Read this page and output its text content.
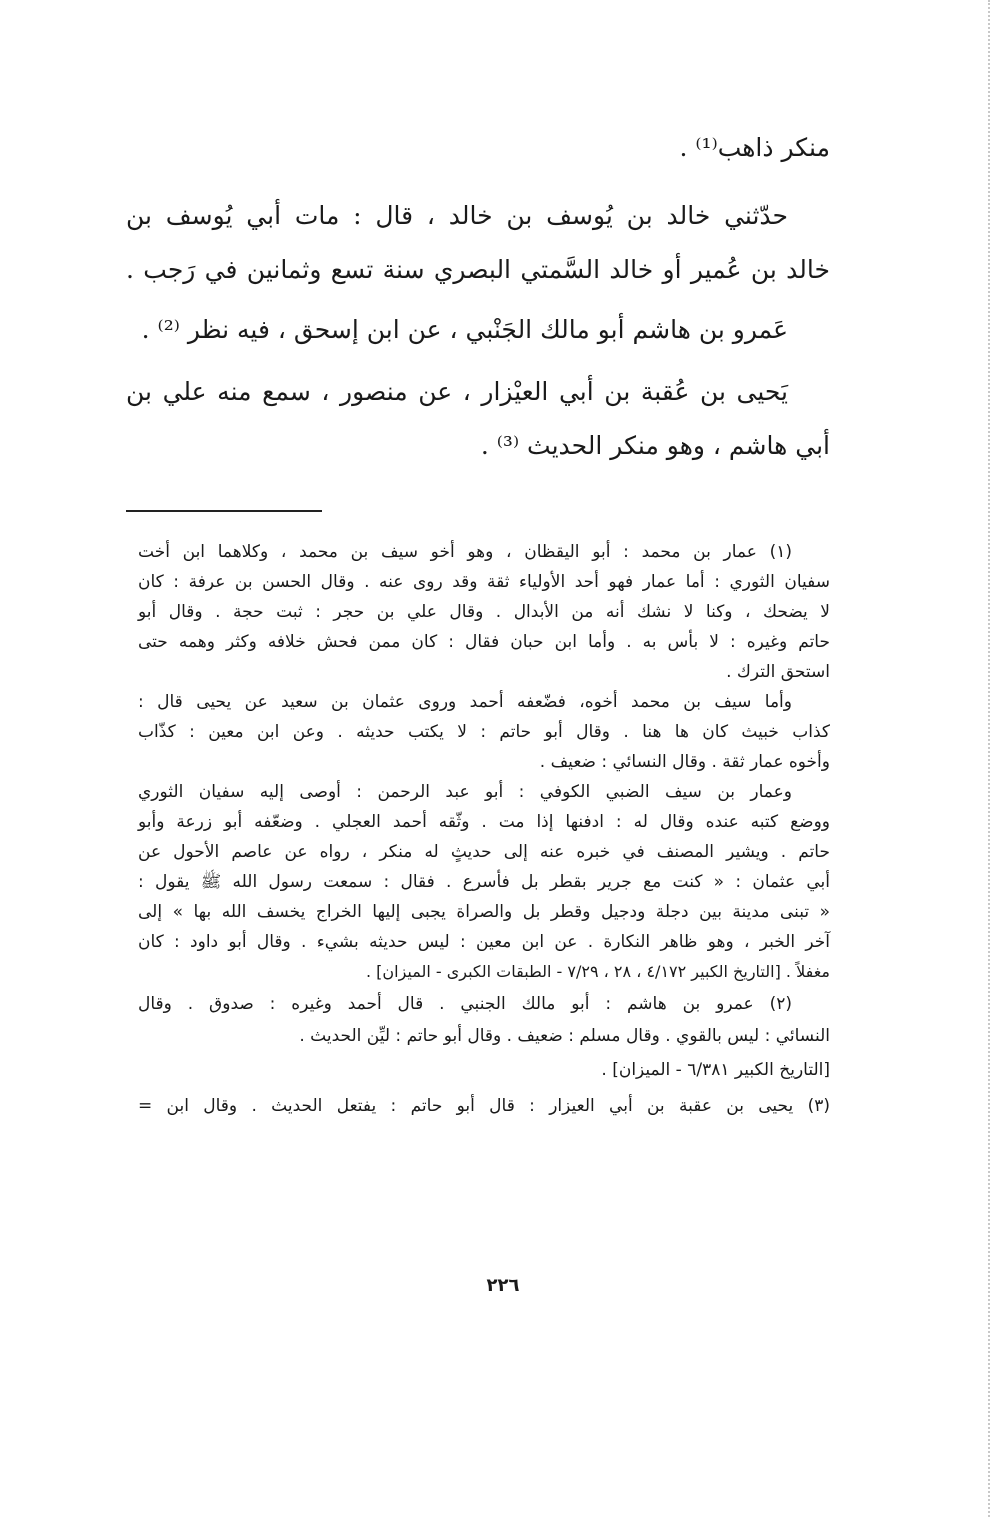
منكر ذاهب⁽¹⁾ .
حدّثني خالد بن يُوسف بن خالد ، قال : مات أبي يُوسف بن
خالد بن عُمير أو خالد السَّمتي البصري سنة تسع وثمانين في رَجب .
عَمرو بن هاشم أبو مالك الجَنْبي ، عن ابن إسحق ، فيه نظر ⁽²⁾ .
يَحيى بن عُقبة بن أبي العيْزار ، عن منصور ، سمع منه علي بن
أبي هاشم ، وهو منكر الحديث ⁽³⁾ .
(١) عمار بن محمد : أبو اليقظان ، وهو أخو سيف بن محمد ، وكلاهما ابن أخت
سفيان الثوري : أما عمار فهو أحد الأولياء ثقة وقد روى عنه . وقال الحسن بن عرفة : كان
لا يضحك ، وكنا لا نشك أنه من الأبدال . وقال علي بن حجر : ثبت حجة . وقال أبو
حاتم وغيره : لا بأس به . وأما ابن حبان فقال : كان ممن فحش خلافه وكثر وهمه حتى
استحق الترك .
وأما سيف بن محمد أخوه، فضّعفه أحمد وروى عثمان بن سعيد عن يحيى قال :
كذاب خبيث كان ها هنا . وقال أبو حاتم : لا يكتب حديثه . وعن ابن معين : كذّاب
وأخوه عمار ثقة . وقال النسائي : ضعيف .
وعمار بن سيف الضبي الكوفي : أبو عبد الرحمن : أوصى إليه سفيان الثوري
ووضع كتبه عنده وقال له : ادفنها إذا مت . وثّقه أحمد العجلي . وضعّفه أبو زرعة وأبو
حاتم . ويشير المصنف في خبره عنه إلى حديثٍ له منكر ، رواه عن عاصم الأحول عن
أبي عثمان : « كنت مع جرير بقطر بل فأسرع . فقال : سمعت رسول الله ﷺ يقول :
« تبنى مدينة بين دجلة ودجيل وقطر بل والصراة يجبى إليها الخراج يخسف الله بها » إلى
آخر الخبر ، وهو ظاهر النكارة . عن ابن معين : ليس حديثه بشيء . وقال أبو داود : كان
مغفلاً . [التاريخ الكبير ٤/١٧٢ ، ٢٨ ، ٧/٢٩ - الطبقات الكبرى - الميزان] .
(٢) عمرو بن هاشم : أبو مالك الجنبي . قال أحمد وغيره : صدوق . وقال
النسائي : ليس بالقوي . وقال مسلم : ضعيف . وقال أبو حاتم : ليِّن الحديث .
[التاريخ الكبير ٦/٣٨١ - الميزان] .
(٣) يحيى بن عقبة بن أبي العيزار : قال أبو حاتم : يفتعل الحديث . وقال ابن =
٢٢٦
